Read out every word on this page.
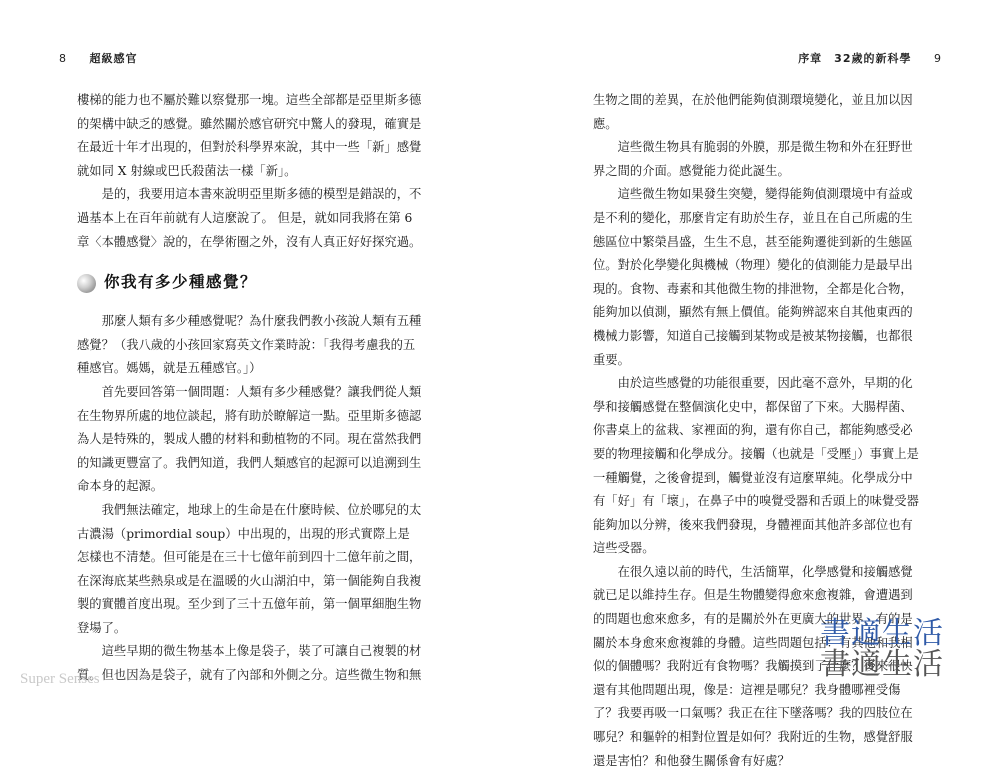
8 超級感官	序章　32歲的新科學 9

樓梯的能力也不屬於難以察覺那一塊。這些全部都是亞里斯多德的架構中缺乏的感覺。雖然關於感官研究中驚人的發現，確實是在最近十年才出現的，但對於科學界來說，其中一些「新」感覺就如同 X 射線或巴氏殺菌法一樣「新」。

是的，我要用這本書來說明亞里斯多德的模型是錯誤的，不過基本上在百年前就有人這麼說了。 但是，就如同我將在第 6 章〈本體感覺〉說的，在學術圈之外，沒有人真正好好探究過。

你我有多少種感覺？

那麼人類有多少種感覺呢？為什麼我們教小孩說人類有五種感覺？（我八歲的小孩回家寫英文作業時說：「我得考慮我的五種感官。媽媽，就是五種感官。」）

首先要回答第一個問題：人類有多少種感覺？讓我們從人類在生物界所處的地位談起，將有助於瞭解這一點。亞里斯多德認為人是特殊的，製成人體的材料和動植物的不同。現在當然我們的知識更豐富了。我們知道，我們人類感官的起源可以追溯到生命本身的起源。

我們無法確定，地球上的生命是在什麼時候、位於哪兒的太古濃湯（primordial soup）中出現的，出現的形式實際上是怎樣也不清楚。但可能是在三十七億年前到四十二億年前之間，在深海底某些熱泉或是在溫暖的火山湖泊中，第一個能夠自我複製的實體首度出現。至少到了三十五億年前，第一個單細胞生物登場了。

這些早期的微生物基本上像是袋子，裝了可讓自己複製的材質。但也因為是袋子，就有了內部和外側之分。這些微生物和無

生物之間的差異，在於他們能夠偵測環境變化，並且加以因應。

這些微生物具有脆弱的外膜，那是微生物和外在狂野世界之間的介面。感覺能力從此誕生。

這些微生物如果發生突變，變得能夠偵測環境中有益或是不利的變化，那麼肯定有助於生存，並且在自己所處的生態區位中繁榮昌盛，生生不息，甚至能夠遷徙到新的生態區位。對於化學變化與機械（物理）變化的偵測能力是最早出現的。食物、毒素和其他微生物的排泄物，全都是化合物，能夠加以偵測，顯然有無上價值。能夠辨認來自其他東西的機械力影響，知道自己接觸到某物或是被某物接觸，也都很重要。

由於這些感覺的功能很重要，因此毫不意外，早期的化學和接觸感覺在整個演化史中，都保留了下來。大腸桿菌、你書桌上的盆栽、家裡面的狗，還有你自己，都能夠感受必要的物理接觸和化學成分。接觸（也就是「受壓」）事實上是一種觸覺，之後會提到，觸覺並沒有這麼單純。化學成分中有「好」有「壞」，在鼻子中的嗅覺受器和舌頭上的味覺受器能夠加以分辨，後來我們發現，身體裡面其他許多部位也有這些受器。

在很久遠以前的時代，生活簡單，化學感覺和接觸感覺就已足以維持生存。但是生物體變得愈來愈複雜，會遭遇到的問題也愈來愈多，有的是關於外在更廣大的世界，有的是關於本身愈來愈複雜的身體。這些問題包括：有其他和我相似的個體嗎？我附近有食物嗎？我觸摸到了什麼？後來很快還有其他問題出現，像是：這裡是哪兒？我身體哪裡受傷了？我要再吸一口氣嗎？我正在往下墜落嗎？我的四肢位在哪兒？和軀幹的相對位置是如何？我附近的生物，感覺舒服還是害怕？和他發生關係會有好處？

Super Senses
書適生活
書適生活
